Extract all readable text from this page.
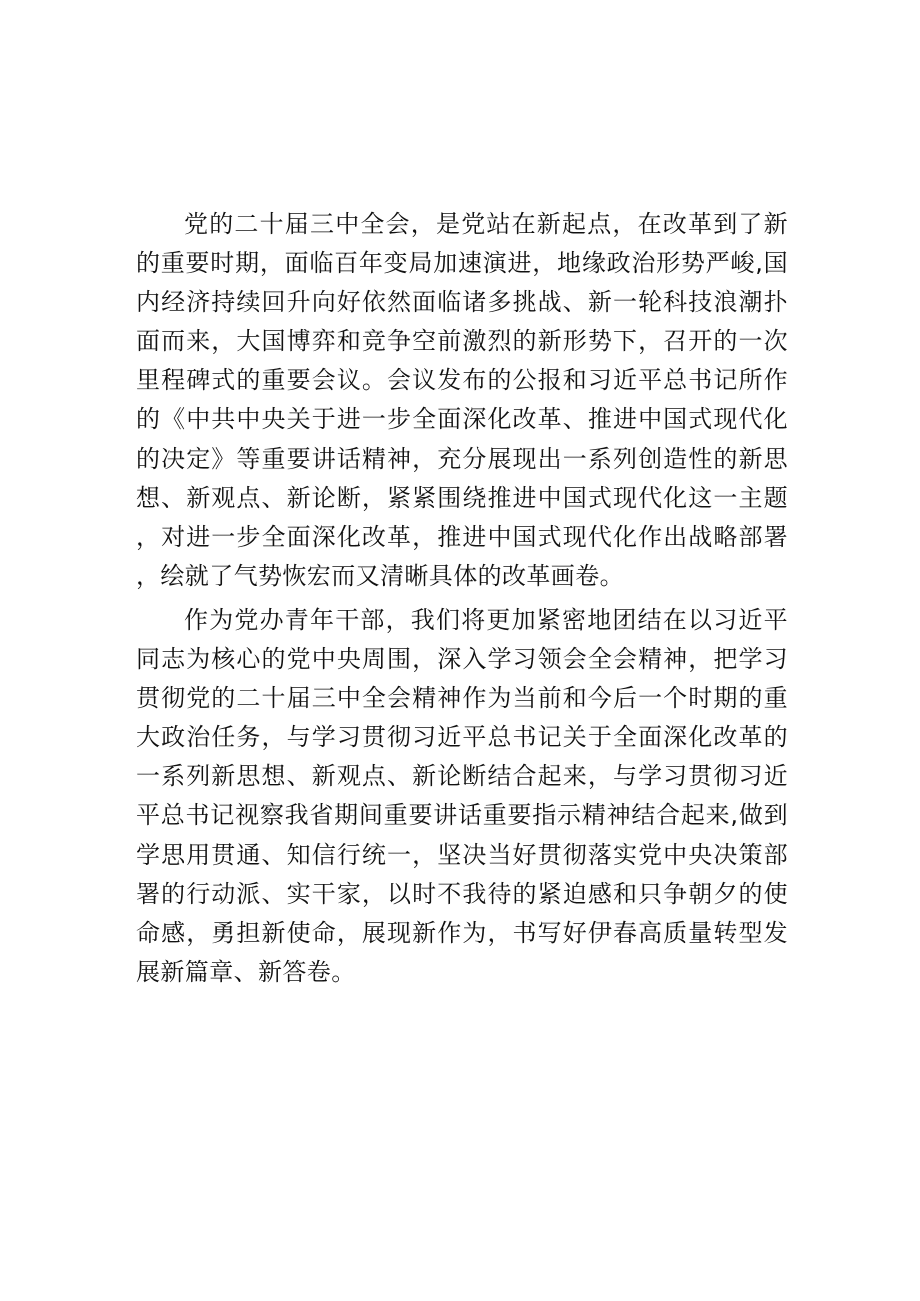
党的二十届三中全会，是党站在新起点，在改革到了新的重要时期，面临百年变局加速演进，地缘政治形势严峻,国内经济持续回升向好依然面临诸多挑战、新一轮科技浪潮扑面而来，大国博弈和竞争空前激烈的新形势下，召开的一次里程碑式的重要会议。会议发布的公报和习近平总书记所作的《中共中央关于进一步全面深化改革、推进中国式现代化的决定》等重要讲话精神，充分展现出一系列创造性的新思想、新观点、新论断，紧紧围绕推进中国式现代化这一主题，对进一步全面深化改革，推进中国式现代化作出战略部署，绘就了气势恢宏而又清晰具体的改革画卷。

作为党办青年干部，我们将更加紧密地团结在以习近平同志为核心的党中央周围，深入学习领会全会精神，把学习贯彻党的二十届三中全会精神作为当前和今后一个时期的重大政治任务，与学习贯彻习近平总书记关于全面深化改革的一系列新思想、新观点、新论断结合起来，与学习贯彻习近平总书记视察我省期间重要讲话重要指示精神结合起来,做到学思用贯通、知信行统一，坚决当好贯彻落实党中央决策部署的行动派、实干家，以时不我待的紧迫感和只争朝夕的使命感，勇担新使命，展现新作为，书写好伊春高质量转型发展新篇章、新答卷。
